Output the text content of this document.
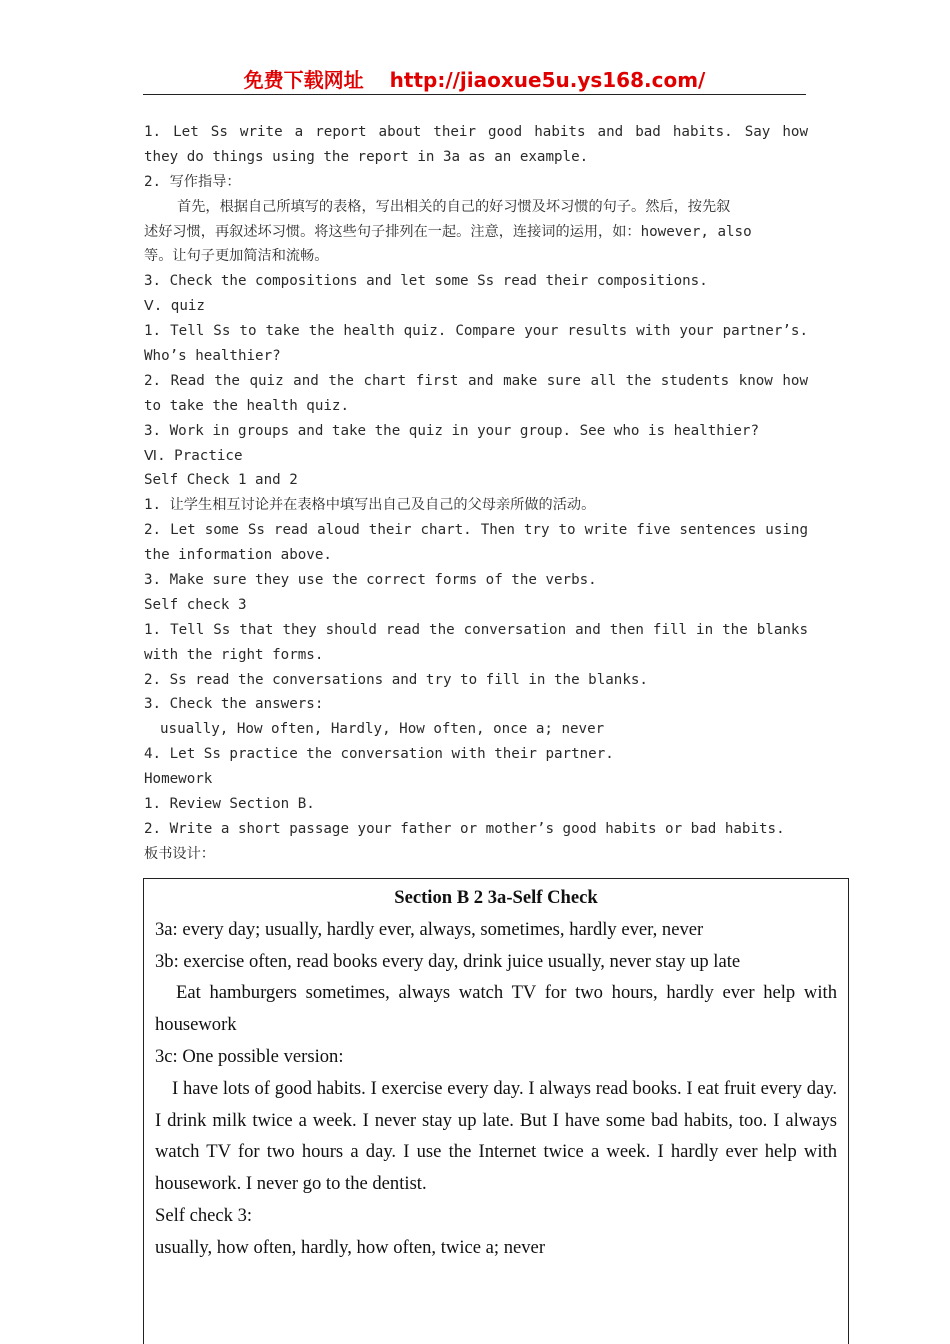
免费下载网址 http://jiaoxue5u.ys168.com/
1. Let Ss write a report about their good habits and bad habits. Say how
they do things using the report in 3a as an example.
2. 写作指导：
首先，根据自己所填写的表格，写出相关的自己的好习惯及坏习惯的句子。然后，按先叙
述好习惯，再叙述坏习惯。将这些句子排列在一起。注意，连接词的运用，如：however, also
等。让句子更加简洁和流畅。
3. Check the compositions and let some Ss read their compositions.
Ⅴ. quiz
1. Tell Ss to take the health quiz. Compare your results with your partner’s.
Who’s healthier?
2. Read the quiz and the chart first and make sure all the students know how
to take the health quiz.
3. Work in groups and take the quiz in your group. See who is healthier?
Ⅵ. Practice
Self Check 1 and 2
1. 让学生相互讨论并在表格中填写出自己及自己的父母亲所做的活动。
2. Let some Ss read aloud their chart. Then try to write five sentences using
the information above.
3. Make sure they use the correct forms of the verbs.
Self check 3
1. Tell Ss that they should read the conversation and then fill in the blanks
with the right forms.
2. Ss read the conversations and try to fill in the blanks.
3. Check the answers:
usually, How often, Hardly, How often, once a; never
4. Let Ss practice the conversation with their partner.
Homework
1. Review Section B.
2. Write a short passage your father or mother’s good habits or bad habits.
板书设计：

Section B 2 3a-Self Check

3a: every day; usually, hardly ever, always, sometimes, hardly ever, never

3b: exercise often, read books every day, drink juice usually, never stay up late

Eat hamburgers sometimes, always watch TV for two hours, hardly ever help with housework

3c: One possible version:

I have lots of good habits. I exercise every day. I always read books. I eat fruit every day. I drink milk twice a week. I never stay up late. But I have some bad habits, too. I always watch TV for two hours a day. I use the Internet twice a week. I hardly ever help with housework. I never go to the dentist.

Self check 3:

usually, how often, hardly, how often, twice a; never
